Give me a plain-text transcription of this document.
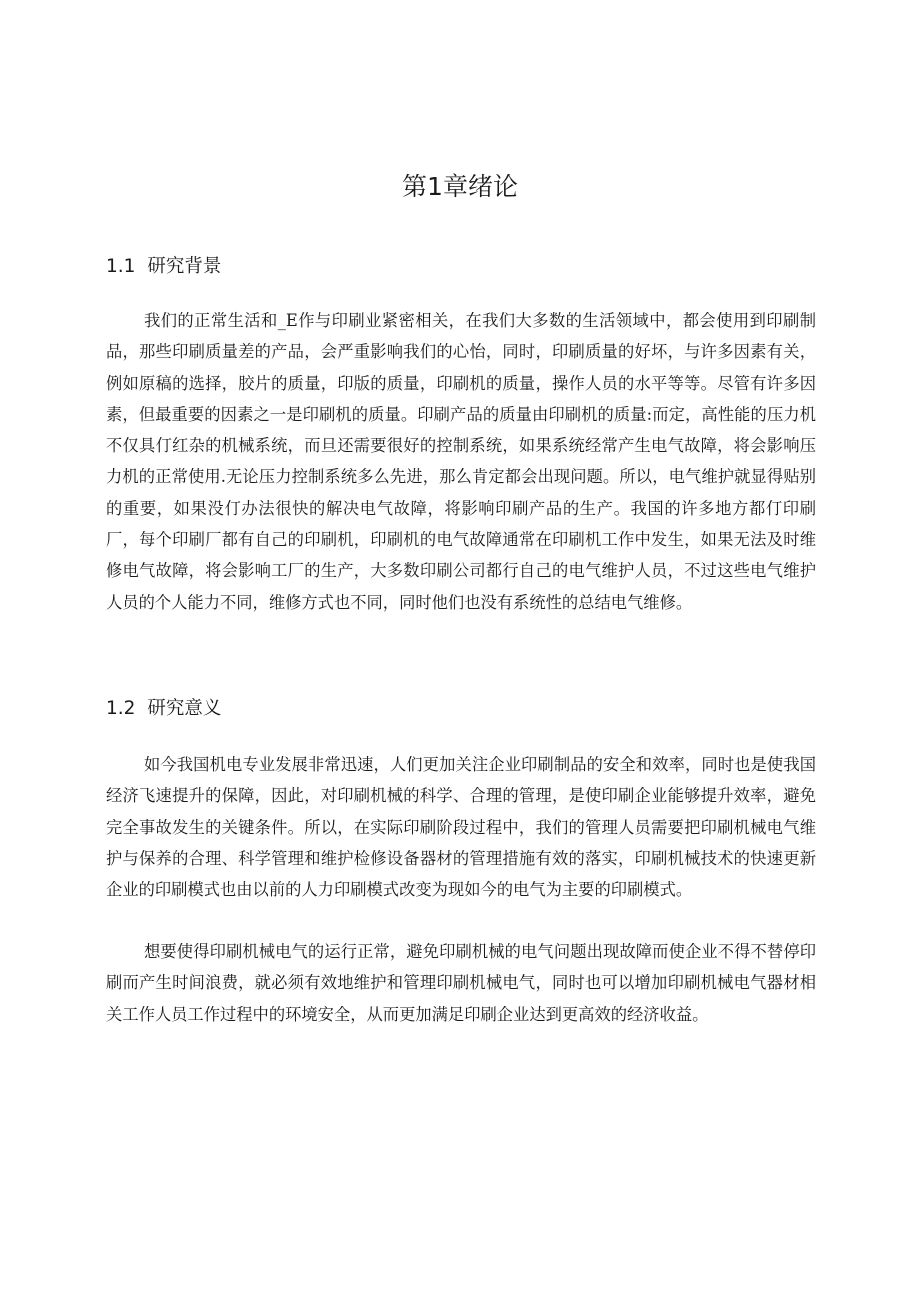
第1章绪论
1.1 研究背景

我们的正常生活和_E作与印刷业紧密相关，在我们大多数的生活领域中，都会使用到印刷制品，那些印刷质量差的产品，会严重影响我们的心怡，同时，印刷质量的好坏，与许多因素有关，例如原稿的选择，胶片的质量，印版的质量，印刷机的质量，操作人员的水平等等。尽管有许多因素，但最重要的因素之一是印刷机的质量。印刷产品的质量由印刷机的质量:而定，高性能的压力机不仅具仃红杂的机械系统，而旦还需要很好的控制系统，如果系统经常产生电气故障，将会影响压力机的正常使用.无论压力控制系统多么先进，那么肯定都会出现问题。所以，电气维护就显得贴别的重要，如果没仃办法很快的解决电气故障，将影响印刷产品的生产。我国的许多地方都仃印刷厂，每个印刷厂都有自己的印刷机，印刷机的电气故障通常在印刷机工作中发生，如果无法及时维修电气故障，将会影响工厂的生产，大多数印刷公司都行自己的电气维护人员，不过这些电气维护人员的个人能力不同，维修方式也不同，同时他们也没有系统性的总结电气维修。

1.2 研究意义

如今我国机电专业发展非常迅速，人们更加关注企业印刷制品的安全和效率，同时也是使我国经济飞速提升的保障，因此，对印刷机械的科学、合理的管理，是使印刷企业能够提升效率，避免完全事故发生的关键条件。所以，在实际印刷阶段过程中，我们的管理人员需要把印刷机械电气维护与保养的合理、科学管理和维护检修设备器材的管理措施有效的落实，印刷机械技术的快速更新企业的印刷模式也由以前的人力印刷模式改变为现如今的电气为主要的印刷模式。

想要使得印刷机械电气的运行正常，避免印刷机械的电气问题出现故障而使企业不得不替停印刷而产生时间浪费，就必须有效地维护和管理印刷机械电气，同时也可以增加印刷机械电气器材相关工作人员工作过程中的环境安全，从而更加满足印刷企业达到更高效的经济收益。
